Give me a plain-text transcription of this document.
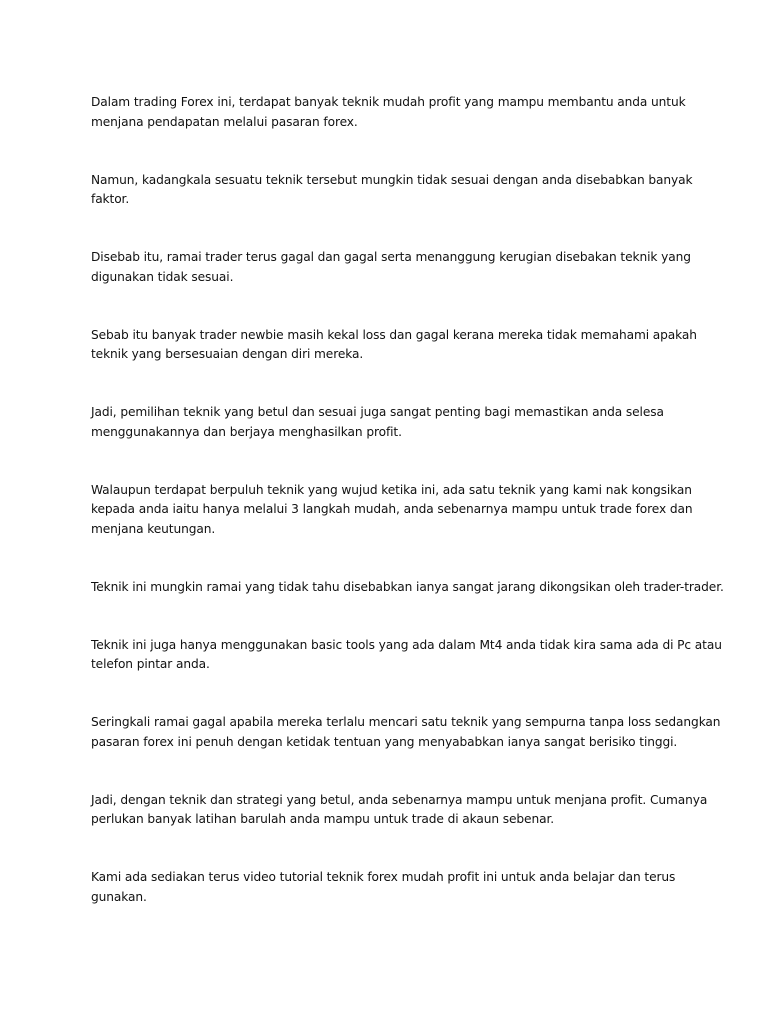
Dalam trading Forex ini, terdapat banyak teknik mudah profit yang mampu membantu anda untuk
menjana pendapatan melalui pasaran forex.

Namun, kadangkala sesuatu teknik tersebut mungkin tidak sesuai dengan anda disebabkan banyak
faktor.

Disebab itu, ramai trader terus gagal dan gagal serta menanggung kerugian disebakan teknik yang
digunakan tidak sesuai.

Sebab itu banyak trader newbie masih kekal loss dan gagal kerana mereka tidak memahami apakah
teknik yang bersesuaian dengan diri mereka.

Jadi, pemilihan teknik yang betul dan sesuai juga sangat penting bagi memastikan anda selesa
menggunakannya dan berjaya menghasilkan profit.

Walaupun terdapat berpuluh teknik yang wujud ketika ini, ada satu teknik yang kami nak kongsikan
kepada anda iaitu hanya melalui 3 langkah mudah, anda sebenarnya mampu untuk trade forex dan
menjana keutungan.

Teknik ini mungkin ramai yang tidak tahu disebabkan ianya sangat jarang dikongsikan oleh trader-trader.

Teknik ini juga hanya menggunakan basic tools yang ada dalam Mt4 anda tidak kira sama ada di Pc atau
telefon pintar anda.

Seringkali ramai gagal apabila mereka terlalu mencari satu teknik yang sempurna tanpa loss sedangkan
pasaran forex ini penuh dengan ketidak tentuan yang menyababkan ianya sangat berisiko tinggi.

Jadi, dengan teknik dan strategi yang betul, anda sebenarnya mampu untuk menjana profit. Cumanya
perlukan banyak latihan barulah anda mampu untuk trade di akaun sebenar.

Kami ada sediakan terus video tutorial teknik forex mudah profit ini untuk anda belajar dan terus
gunakan.
